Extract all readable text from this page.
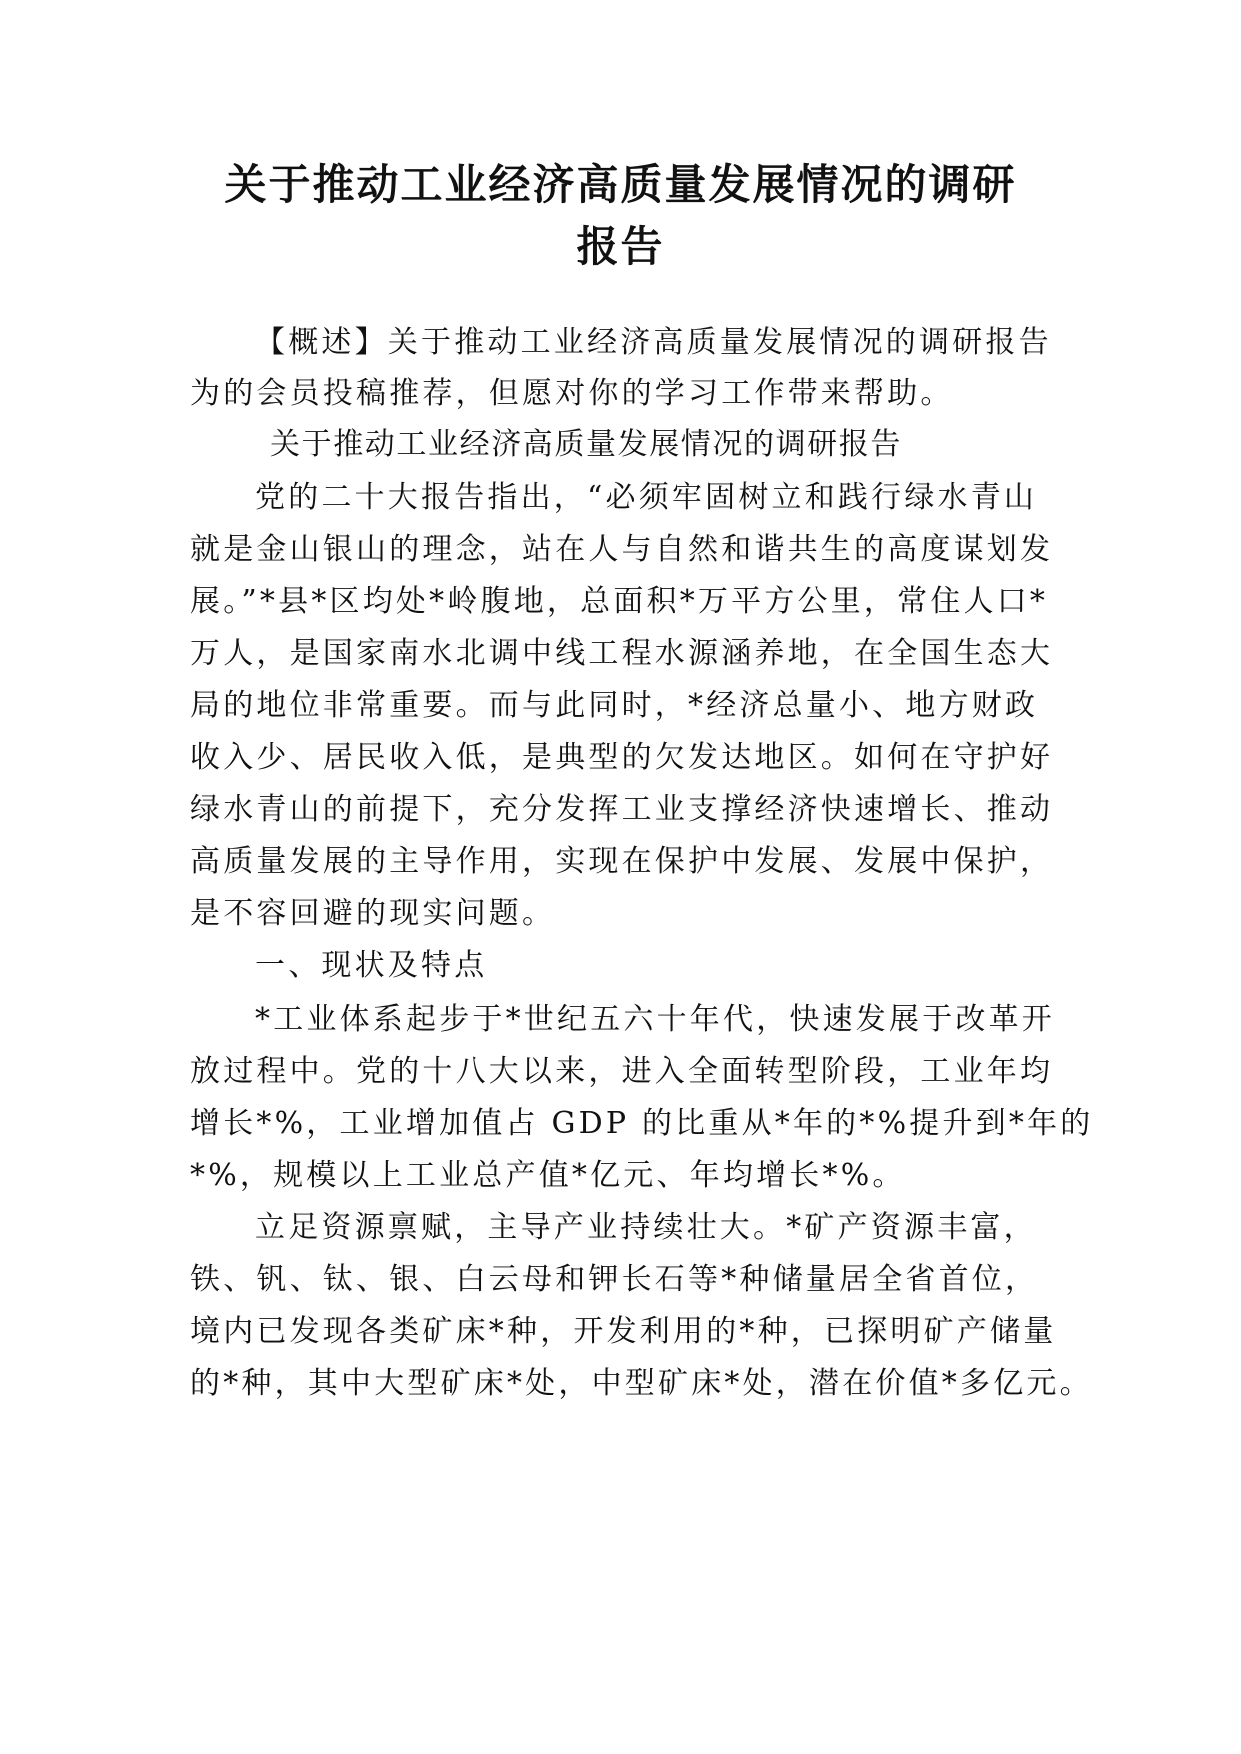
关于推动工业经济高质量发展情况的调研
报告
【概述】关于推动工业经济高质量发展情况的调研报告
为的会员投稿推荐，但愿对你的学习工作带来帮助。
关于推动工业经济高质量发展情况的调研报告
党的二十大报告指出，“必须牢固树立和践行绿水青山
就是金山银山的理念，站在人与自然和谐共生的高度谋划发
展。”*县*区均处*岭腹地，总面积*万平方公里，常住人口*
万人，是国家南水北调中线工程水源涵养地，在全国生态大
局的地位非常重要。而与此同时，*经济总量小、地方财政
收入少、居民收入低，是典型的欠发达地区。如何在守护好
绿水青山的前提下，充分发挥工业支撑经济快速增长、推动
高质量发展的主导作用，实现在保护中发展、发展中保护，
是不容回避的现实问题。
一、现状及特点
*工业体系起步于*世纪五六十年代，快速发展于改革开
放过程中。党的十八大以来，进入全面转型阶段，工业年均
增长*%，工业增加值占 GDP 的比重从*年的*%提升到*年的
*%，规模以上工业总产值*亿元、年均增长*%。
立足资源禀赋，主导产业持续壮大。*矿产资源丰富，
铁、钒、钛、银、白云母和钾长石等*种储量居全省首位，
境内已发现各类矿床*种，开发利用的*种，已探明矿产储量
的*种，其中大型矿床*处，中型矿床*处，潜在价值*多亿元。
